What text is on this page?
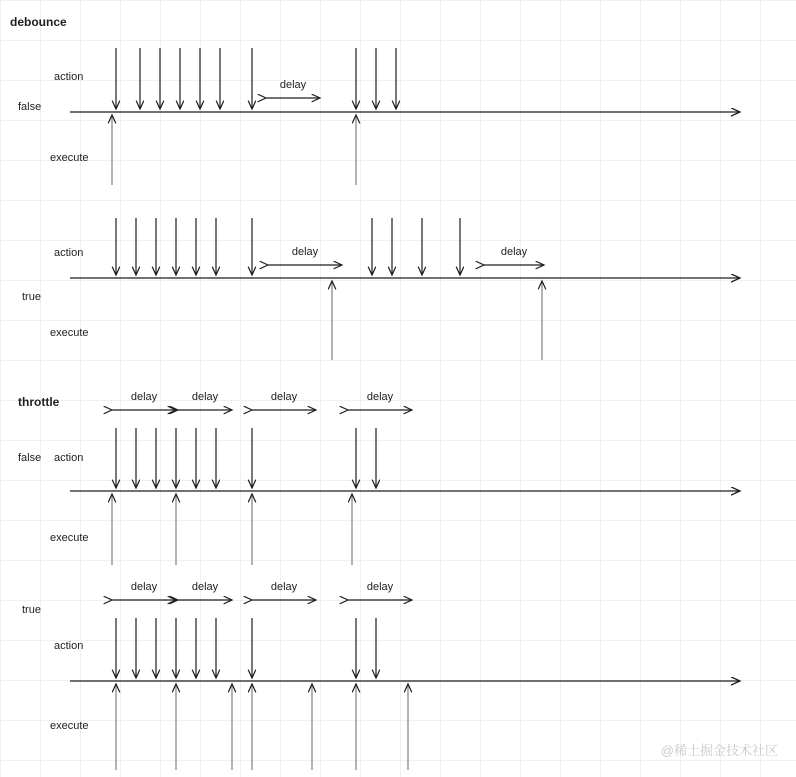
debounce
throttle
@稀土掘金技术社区
delay
action
execute
false
delay	delay
action
execute
true
delay	delay	delay	delay
action
execute
false
delay	delay	delay	delay
action
execute
true
